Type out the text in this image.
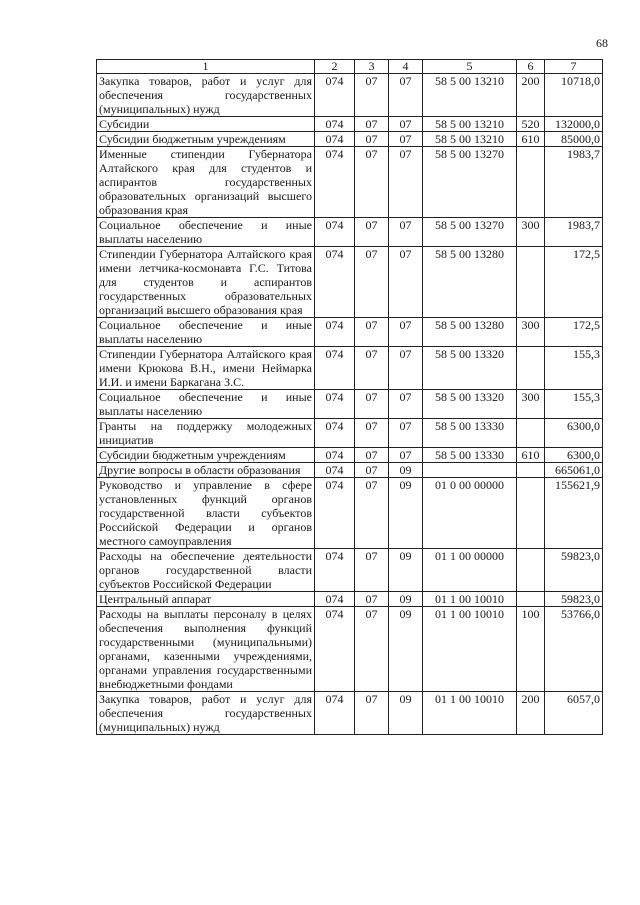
68
1	2	3	4	5	6	7
Закупка товаров, работ и услуг для обеспечения государственных (муниципальных) нужд	074	07	07	58 5 00 13210	200	10718,0
Субсидии	074	07	07	58 5 00 13210	520	132000,0
Субсидии бюджетным учреждениям	074	07	07	58 5 00 13210	610	85000,0
Именные стипендии Губернатора Алтайского края для студентов и аспирантов государственных образовательных организаций высшего образования края	074	07	07	58 5 00 13270		1983,7
Социальное обеспечение и иные выплаты населению	074	07	07	58 5 00 13270	300	1983,7
Стипендии Губернатора Алтайского края имени летчика-космонавта Г.С. Титова для студентов и аспирантов государственных образовательных организаций высшего образования края	074	07	07	58 5 00 13280		172,5
Социальное обеспечение и иные выплаты населению	074	07	07	58 5 00 13280	300	172,5
Стипендии Губернатора Алтайского края имени Крюкова В.Н., имени Неймарка И.И. и имени Баркагана З.С.	074	07	07	58 5 00 13320		155,3
Социальное обеспечение и иные выплаты населению	074	07	07	58 5 00 13320	300	155,3
Гранты на поддержку молодежных инициатив	074	07	07	58 5 00 13330		6300,0
Субсидии бюджетным учреждениям	074	07	07	58 5 00 13330	610	6300,0
Другие вопросы в области образования	074	07	09			665061,0
Руководство и управление в сфере установленных функций органов государственной власти субъектов Российской Федерации и органов местного самоуправления	074	07	09	01 0 00 00000		155621,9
Расходы на обеспечение деятельности органов государственной власти субъектов Российской Федерации	074	07	09	01 1 00 00000		59823,0
Центральный аппарат	074	07	09	01 1 00 10010		59823,0
Расходы на выплаты персоналу в целях обеспечения выполнения функций государственными (муниципальными) органами, казенными учреждениями, органами управления государственными внебюджетными фондами	074	07	09	01 1 00 10010	100	53766,0
Закупка товаров, работ и услуг для обеспечения государственных (муниципальных) нужд	074	07	09	01 1 00 10010	200	6057,0
